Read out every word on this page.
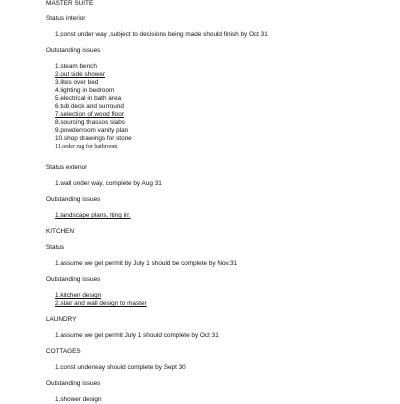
MASTER SUITE
Status interior
1.const under way ,subject to decisions being made should finish by Oct 31
Outstanding issues
1.steam bench
2.out side shower
3.lites over bed
4.lighting in bedroom
5.electrical in bath area
6.tub deck and surround
7.selection of wood floor
8.sourcing thassos slabs
9.powderroom vanity plan
10.shop drawings for stone
11.order rug for bathroom
Status exterior
1.wall under way, complete by Aug 31
Outstanding issues
1.landscape plans, lting irr.
KITCHEN
Status
1.assume we get permit by July 1 should be complete by Nov.31
Outstanding issues
1.kitchen design
2.stair and wall design to master
LAUNDRY
1.assume we get permit July 1 should complete by Oct 31
COTTAGES
1.const underway should complete by Sept 30
Outstanding issues
1.shower design
